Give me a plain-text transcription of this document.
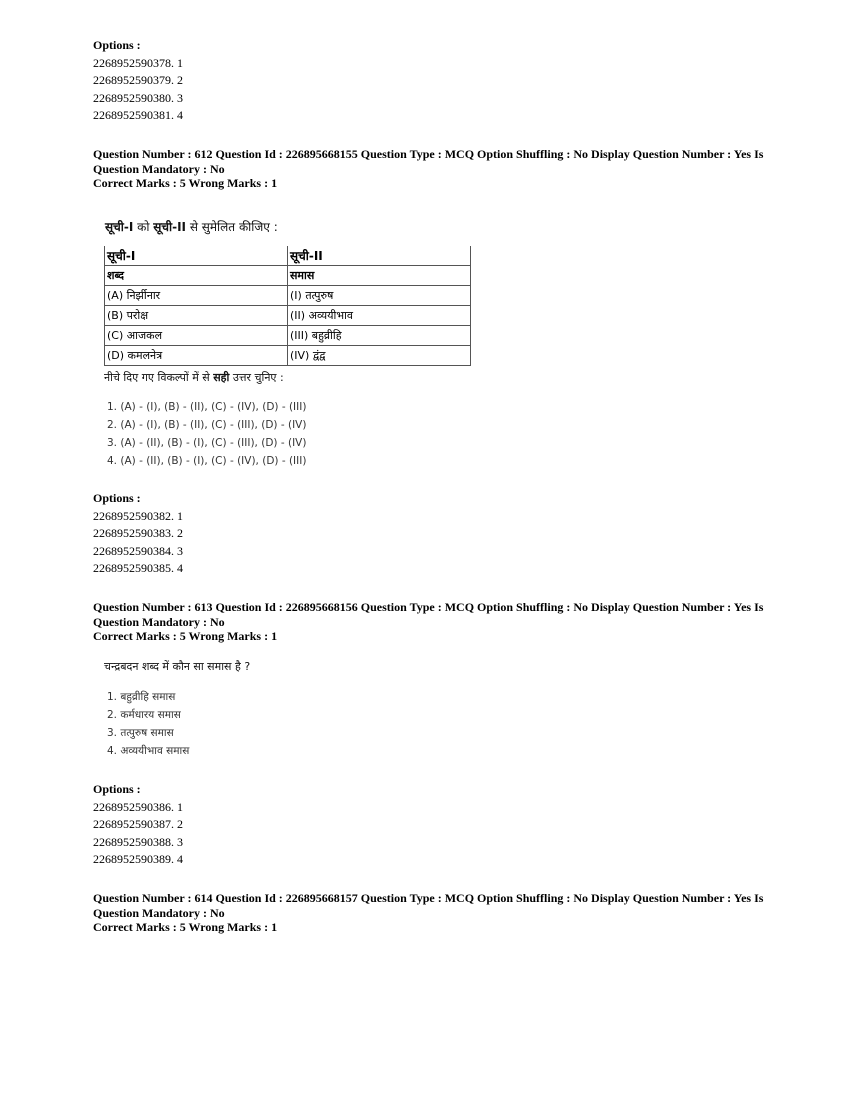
Options :
2268952590378. 1
2268952590379. 2
2268952590380. 3
2268952590381. 4
Question Number : 612 Question Id : 226895668155 Question Type : MCQ Option Shuffling : No Display Question Number : Yes Is
Question Mandatory : No
Correct Marks : 5 Wrong Marks : 1
सूची-I को सूची-II से सुमेलित कीजिए :
सूची-I	सूची-II
शब्द	समास
(A) निर्झीनार	(I) तत्पुरुष
(B) परोक्ष	(II) अव्ययीभाव
(C) आजकल	(III) बहुव्रीहि
(D) कमलनेत्र	(IV) द्वंद्व
नीचे दिए गए विकल्पों में से सही उत्तर चुनिए :
1. (A) - (I), (B) - (II), (C) - (IV), (D) - (III)
2. (A) - (I), (B) - (II), (C) - (III), (D) - (IV)
3. (A) - (II), (B) - (I), (C) - (III), (D) - (IV)
4. (A) - (II), (B) - (I), (C) - (IV), (D) - (III)
Options :
2268952590382. 1
2268952590383. 2
2268952590384. 3
2268952590385. 4
Question Number : 613 Question Id : 226895668156 Question Type : MCQ Option Shuffling : No Display Question Number : Yes Is
Question Mandatory : No
Correct Marks : 5 Wrong Marks : 1
चन्द्रबदन शब्द में कौन सा समास है ?
1. बहुव्रीहि समास
2. कर्मधारय समास
3. तत्पुरुष समास
4. अव्ययीभाव समास
Options :
2268952590386. 1
2268952590387. 2
2268952590388. 3
2268952590389. 4
Question Number : 614 Question Id : 226895668157 Question Type : MCQ Option Shuffling : No Display Question Number : Yes Is
Question Mandatory : No
Correct Marks : 5 Wrong Marks : 1
